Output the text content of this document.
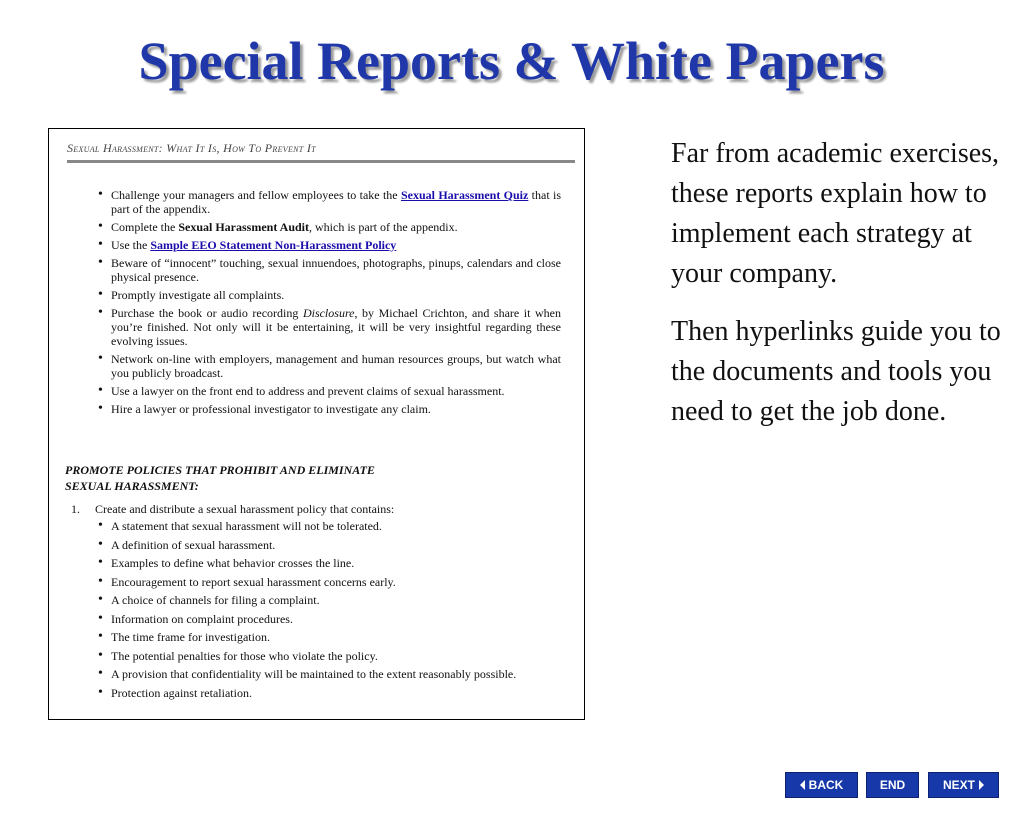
Special Reports & White Papers
Sexual Harassment: What It Is, How To Prevent It
• Challenge your managers and fellow employees to take the Sexual Harassment Quiz that is part of the appendix.
• Complete the Sexual Harassment Audit, which is part of the appendix.
• Use the Sample EEO Statement Non-Harassment Policy
• Beware of “innocent” touching, sexual innuendoes, photographs, pinups, calendars and close physical presence.
• Promptly investigate all complaints.
• Purchase the book or audio recording Disclosure, by Michael Crichton, and share it when you’re finished. Not only will it be entertaining, it will be very insightful regarding these evolving issues.
• Network on-line with employers, management and human resources groups, but watch what you publicly broadcast.
• Use a lawyer on the front end to address and prevent claims of sexual harassment.
• Hire a lawyer or professional investigator to investigate any claim.
PROMOTE POLICIES THAT PROHIBIT AND ELIMINATE
SEXUAL HARASSMENT:
1. Create and distribute a sexual harassment policy that contains:
• A statement that sexual harassment will not be tolerated.
• A definition of sexual harassment.
• Examples to define what behavior crosses the line.
• Encouragement to report sexual harassment concerns early.
• A choice of channels for filing a complaint.
• Information on complaint procedures.
• The time frame for investigation.
• The potential penalties for those who violate the policy.
• A provision that confidentiality will be maintained to the extent reasonably possible.
• Protection against retaliation.

Far from academic exercises, these reports explain how to implement each strategy at your company.

Then hyperlinks guide you to the documents and tools you need to get the job done.

BACK	END	NEXT
